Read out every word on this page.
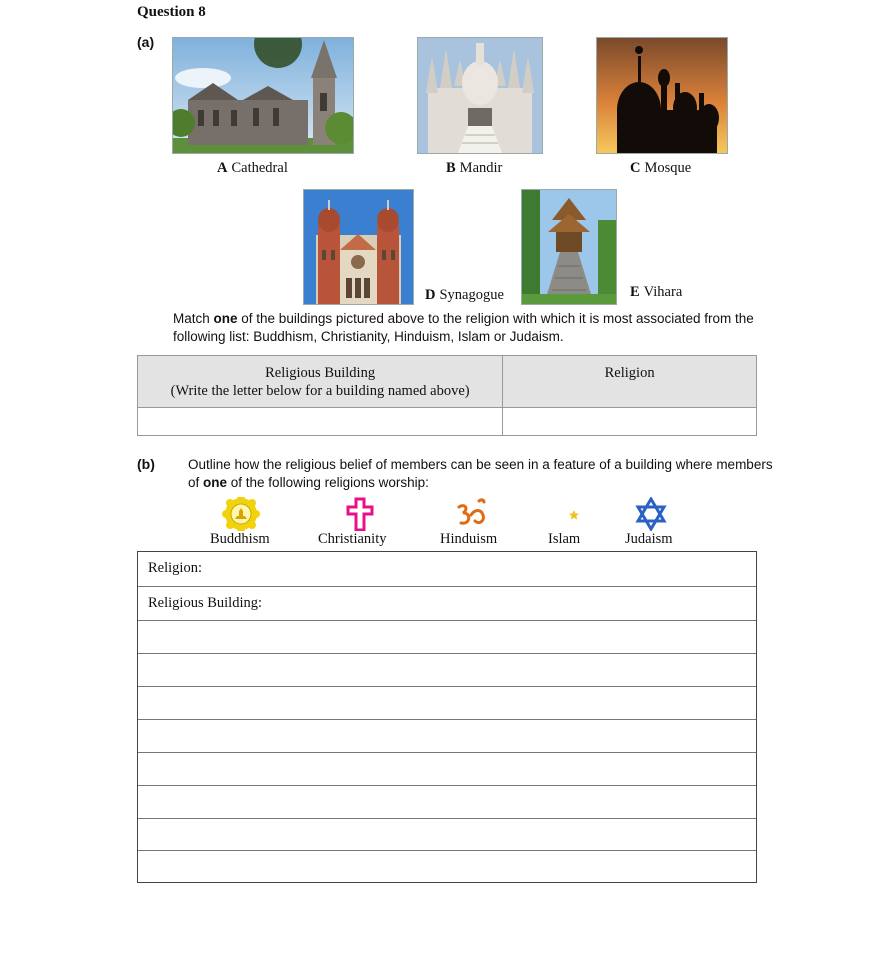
Question 8
(a)
A Cathedral	B Mandir	C Mosque
D Synagogue	E Vihara
Match one of the buildings pictured above to the religion with which it is most associated from the following list: Buddhism, Christianity, Hinduism, Islam or Judaism.
Religious Building
(Write the letter below for a building named above)	Religion

(b) Outline how the religious belief of members can be seen in a feature of a building where members of one of the following religions worship:
Buddhism	Christianity	Hinduism	Islam	Judaism
Religion:
Religious Building:
